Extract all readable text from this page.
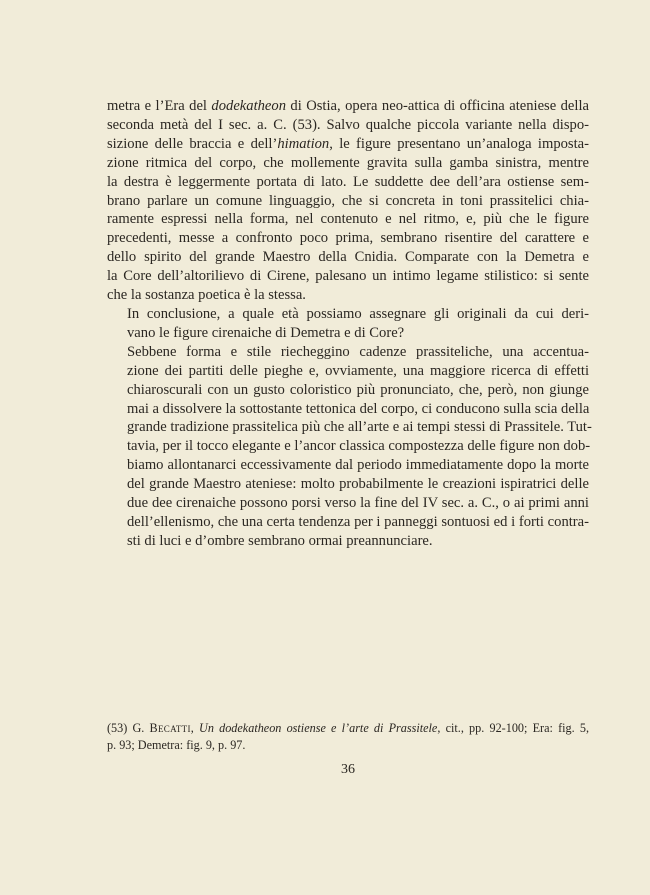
metra e l’Era del dodekatheon di Ostia, opera neo-attica di officina ateniese della
seconda metà del I sec. a. C. (53). Salvo qualche piccola variante nella dispo-
sizione delle braccia e dell’himation, le figure presentano un’analoga imposta-
zione ritmica del corpo, che mollemente gravita sulla gamba sinistra, mentre
la destra è leggermente portata di lato. Le suddette dee dell’ara ostiense sem-
brano parlare un comune linguaggio, che si concreta in toni prassitelici chia-
ramente espressi nella forma, nel contenuto e nel ritmo, e, più che le figure
precedenti, messe a confronto poco prima, sembrano risentire del carattere e
dello spirito del grande Maestro della Cnidia. Comparate con la Demetra e
la Core dell’altorilievo di Cirene, palesano un intimo legame stilistico: si sente
che la sostanza poetica è la stessa.

In conclusione, a quale età possiamo assegnare gli originali da cui deri-
vano le figure cirenaiche di Demetra e di Core?

Sebbene forma e stile riecheggino cadenze prassiteliche, una accentua-
zione dei partiti delle pieghe e, ovviamente, una maggiore ricerca di effetti
chiaroscurali con un gusto coloristico più pronunciato, che, però, non giunge
mai a dissolvere la sottostante tettonica del corpo, ci conducono sulla scia della
grande tradizione prassitelica più che all’arte e ai tempi stessi di Prassitele. Tut-
tavia, per il tocco elegante e l’ancor classica compostezza delle figure non dob-
biamo allontanarci eccessivamente dal periodo immediatamente dopo la morte
del grande Maestro ateniese: molto probabilmente le creazioni ispiratrici delle
due dee cirenaiche possono porsi verso la fine del IV sec. a. C., o ai primi anni
dell’ellenismo, che una certa tendenza per i panneggi sontuosi ed i forti contra-
sti di luci e d’ombre sembrano ormai preannunciare.

(53) G. Becatti, Un dodekatheon ostiense e l’arte di Prassitele, cit., pp. 92-100; Era: fig. 5,
p. 93; Demetra: fig. 9, p. 97.
36
